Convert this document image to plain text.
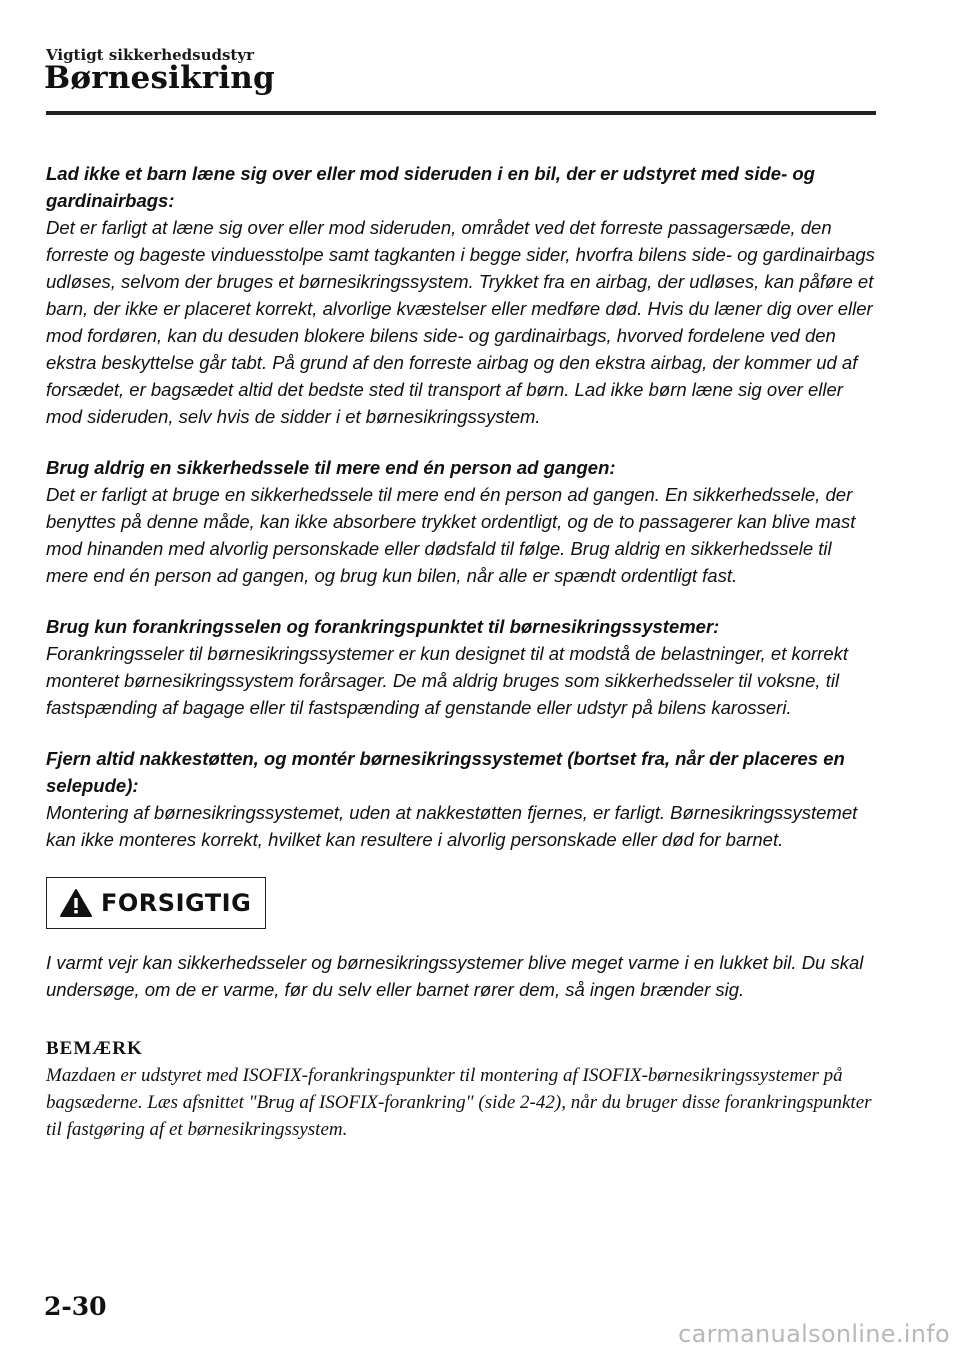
Vigtigt sikkerhedsudstyr
Børnesikring
Lad ikke et barn læne sig over eller mod sideruden i en bil, der er udstyret med side- og gardinairbags:
Det er farligt at læne sig over eller mod sideruden, området ved det forreste passagersæde, den forreste og bageste vinduesstolpe samt tagkanten i begge sider, hvorfra bilens side- og gardinairbags udløses, selvom der bruges et børnesikringssystem. Trykket fra en airbag, der udløses, kan påføre et barn, der ikke er placeret korrekt, alvorlige kvæstelser eller medføre død. Hvis du læner dig over eller mod fordøren, kan du desuden blokere bilens side- og gardinairbags, hvorved fordelene ved den ekstra beskyttelse går tabt. På grund af den forreste airbag og den ekstra airbag, der kommer ud af forsædet, er bagsædet altid det bedste sted til transport af børn. Lad ikke børn læne sig over eller mod sideruden, selv hvis de sidder i et børnesikringssystem.
Brug aldrig en sikkerhedssele til mere end én person ad gangen:
Det er farligt at bruge en sikkerhedssele til mere end én person ad gangen. En sikkerhedssele, der benyttes på denne måde, kan ikke absorbere trykket ordentligt, og de to passagerer kan blive mast mod hinanden med alvorlig personskade eller dødsfald til følge. Brug aldrig en sikkerhedssele til mere end én person ad gangen, og brug kun bilen, når alle er spændt ordentligt fast.
Brug kun forankringsselen og forankringspunktet til børnesikringssystemer:
Forankringsseler til børnesikringssystemer er kun designet til at modstå de belastninger, et korrekt monteret børnesikringssystem forårsager. De må aldrig bruges som sikkerhedsseler til voksne, til fastspænding af bagage eller til fastspænding af genstande eller udstyr på bilens karosseri.
Fjern altid nakkestøtten, og montér børnesikringssystemet (bortset fra, når der placeres en selepude):
Montering af børnesikringssystemet, uden at nakkestøtten fjernes, er farligt. Børnesikringssystemet kan ikke monteres korrekt, hvilket kan resultere i alvorlig personskade eller død for barnet.
FORSIGTIG
I varmt vejr kan sikkerhedsseler og børnesikringssystemer blive meget varme i en lukket bil. Du skal undersøge, om de er varme, før du selv eller barnet rører dem, så ingen brænder sig.
BEMÆRK
Mazdaen er udstyret med ISOFIX-forankringspunkter til montering af ISOFIX-børnesikringssystemer på bagsæderne. Læs afsnittet "Brug af ISOFIX-forankring" (side 2-42), når du bruger disse forankringspunkter til fastgøring af et børnesikringssystem.
2-30
carmanualsonline.info
